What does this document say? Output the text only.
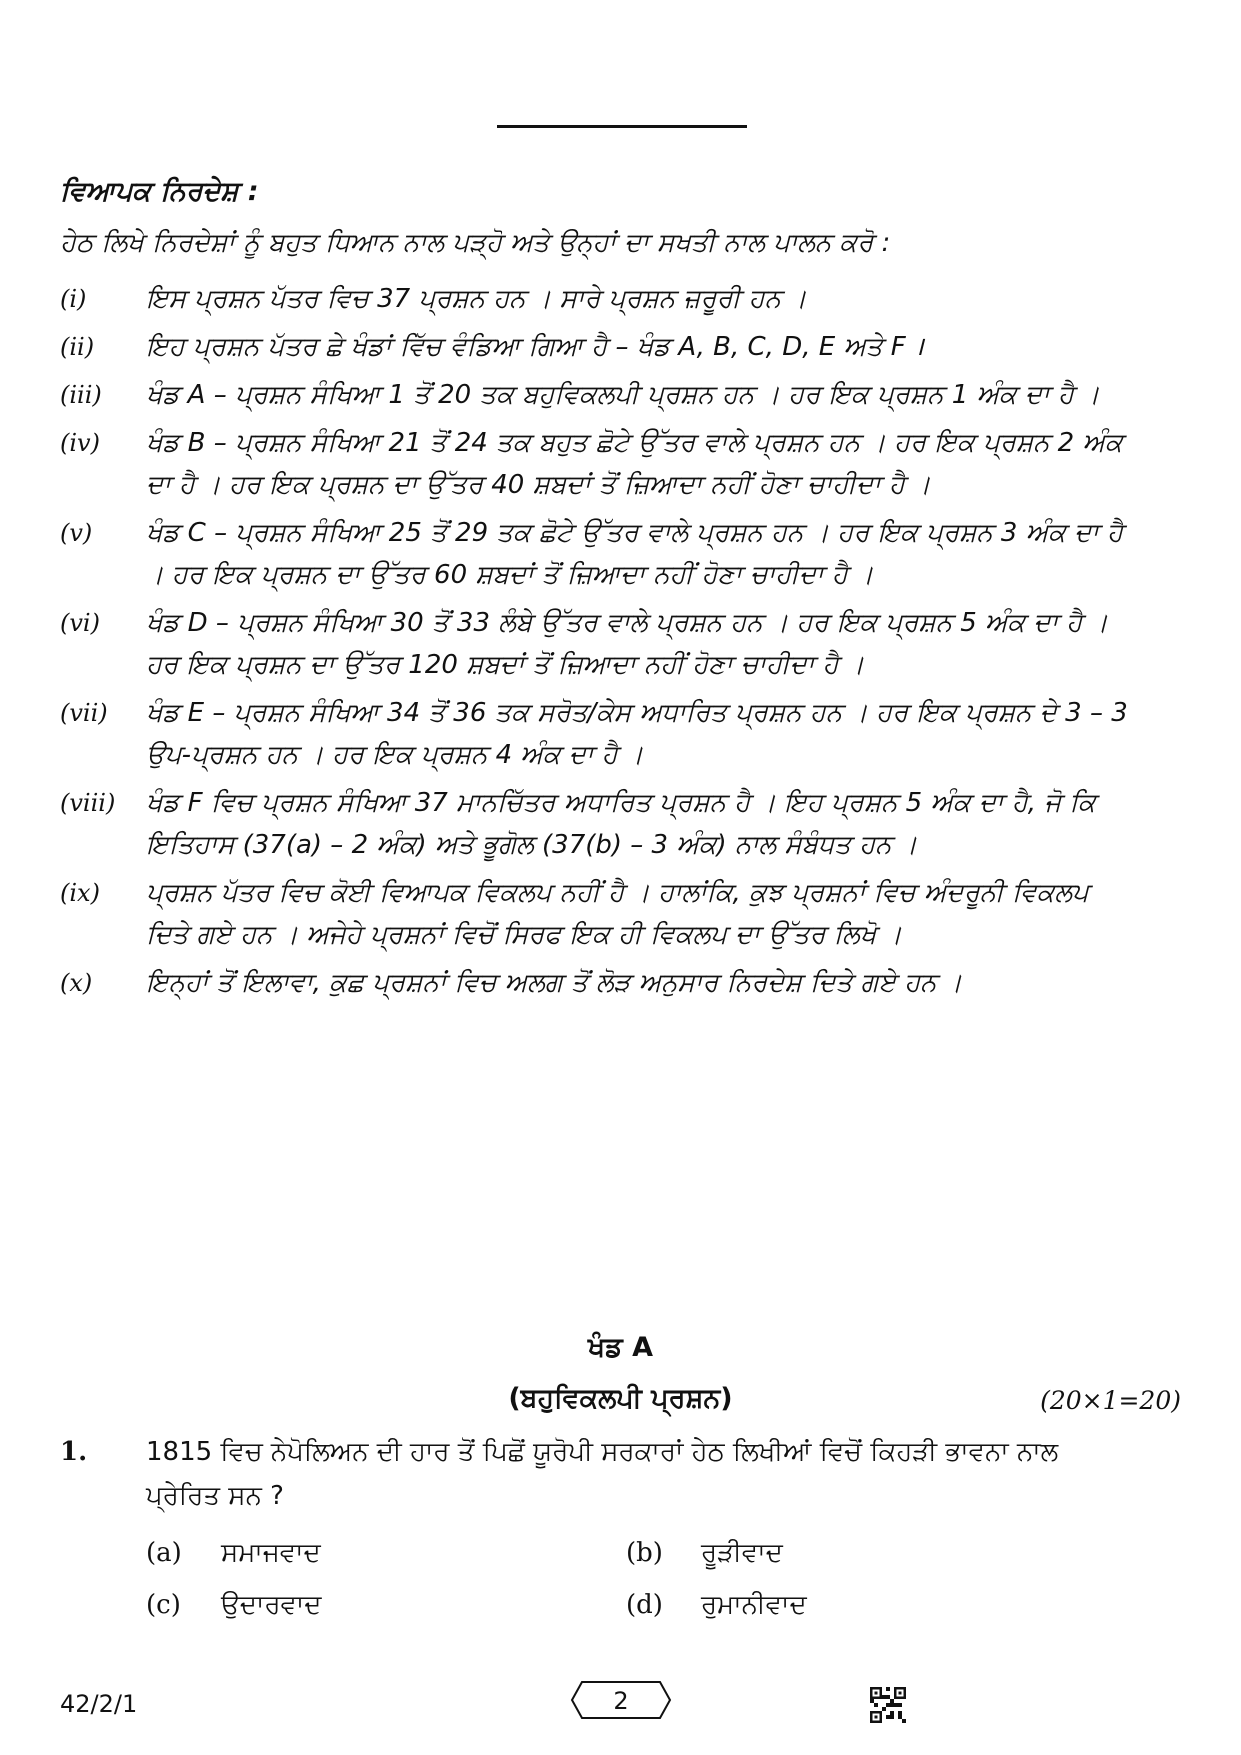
ਵਿਆਪਕ ਨਿਰਦੇਸ਼ :
ਹੇਠ ਲਿਖੇ ਨਿਰਦੇਸ਼ਾਂ ਨੂੰ ਬਹੁਤ ਧਿਆਨ ਨਾਲ ਪੜ੍ਹੋ ਅਤੇ ਉਨ੍ਹਾਂ ਦਾ ਸਖਤੀ ਨਾਲ ਪਾਲਨ ਕਰੋ :
(i)	ਇਸ ਪ੍ਰਸ਼ਨ ਪੱਤਰ ਵਿਚ 37 ਪ੍ਰਸ਼ਨ ਹਨ । ਸਾਰੇ ਪ੍ਰਸ਼ਨ ਜ਼ਰੂਰੀ ਹਨ ।
(ii)	ਇਹ ਪ੍ਰਸ਼ਨ ਪੱਤਰ ਛੇ ਖੰਡਾਂ ਵਿੱਚ ਵੰਡਿਆ ਗਿਆ ਹੈ – ਖੰਡ A, B, C, D, E ਅਤੇ F ।
(iii)	ਖੰਡ A – ਪ੍ਰਸ਼ਨ ਸੰਖਿਆ 1 ਤੋਂ 20 ਤਕ ਬਹੁਵਿਕਲਪੀ ਪ੍ਰਸ਼ਨ ਹਨ । ਹਰ ਇਕ ਪ੍ਰਸ਼ਨ 1 ਅੰਕ ਦਾ ਹੈ ।
(iv)	ਖੰਡ B – ਪ੍ਰਸ਼ਨ ਸੰਖਿਆ 21 ਤੋਂ 24 ਤਕ ਬਹੁਤ ਛੋਟੇ ਉੱਤਰ ਵਾਲੇ ਪ੍ਰਸ਼ਨ ਹਨ । ਹਰ ਇਕ ਪ੍ਰਸ਼ਨ 2 ਅੰਕ ਦਾ ਹੈ । ਹਰ ਇਕ ਪ੍ਰਸ਼ਨ ਦਾ ਉੱਤਰ 40 ਸ਼ਬਦਾਂ ਤੋਂ ਜ਼ਿਆਦਾ ਨਹੀਂ ਹੋਣਾ ਚਾਹੀਦਾ ਹੈ ।
(v)	ਖੰਡ C – ਪ੍ਰਸ਼ਨ ਸੰਖਿਆ 25 ਤੋਂ 29 ਤਕ ਛੋਟੇ ਉੱਤਰ ਵਾਲੇ ਪ੍ਰਸ਼ਨ ਹਨ । ਹਰ ਇਕ ਪ੍ਰਸ਼ਨ 3 ਅੰਕ ਦਾ ਹੈ । ਹਰ ਇਕ ਪ੍ਰਸ਼ਨ ਦਾ ਉੱਤਰ 60 ਸ਼ਬਦਾਂ ਤੋਂ ਜ਼ਿਆਦਾ ਨਹੀਂ ਹੋਣਾ ਚਾਹੀਦਾ ਹੈ ।
(vi)	ਖੰਡ D – ਪ੍ਰਸ਼ਨ ਸੰਖਿਆ 30 ਤੋਂ 33 ਲੰਬੇ ਉੱਤਰ ਵਾਲੇ ਪ੍ਰਸ਼ਨ ਹਨ । ਹਰ ਇਕ ਪ੍ਰਸ਼ਨ 5 ਅੰਕ ਦਾ ਹੈ । ਹਰ ਇਕ ਪ੍ਰਸ਼ਨ ਦਾ ਉੱਤਰ 120 ਸ਼ਬਦਾਂ ਤੋਂ ਜ਼ਿਆਦਾ ਨਹੀਂ ਹੋਣਾ ਚਾਹੀਦਾ ਹੈ ।
(vii)	ਖੰਡ E – ਪ੍ਰਸ਼ਨ ਸੰਖਿਆ 34 ਤੋਂ 36 ਤਕ ਸਰੋਤ/ਕੇਸ ਅਧਾਰਿਤ ਪ੍ਰਸ਼ਨ ਹਨ । ਹਰ ਇਕ ਪ੍ਰਸ਼ਨ ਦੇ 3 – 3 ਉਪ-ਪ੍ਰਸ਼ਨ ਹਨ । ਹਰ ਇਕ ਪ੍ਰਸ਼ਨ 4 ਅੰਕ ਦਾ ਹੈ ।
(viii)	ਖੰਡ F ਵਿਚ ਪ੍ਰਸ਼ਨ ਸੰਖਿਆ 37 ਮਾਨਚਿੱਤਰ ਅਧਾਰਿਤ ਪ੍ਰਸ਼ਨ ਹੈ । ਇਹ ਪ੍ਰਸ਼ਨ 5 ਅੰਕ ਦਾ ਹੈ, ਜੋ ਕਿ ਇਤਿਹਾਸ (37(a) – 2 ਅੰਕ) ਅਤੇ ਭੂਗੋਲ (37(b) – 3 ਅੰਕ) ਨਾਲ ਸੰਬੰਧਤ ਹਨ ।
(ix)	ਪ੍ਰਸ਼ਨ ਪੱਤਰ ਵਿਚ ਕੋਈ ਵਿਆਪਕ ਵਿਕਲਪ ਨਹੀਂ ਹੈ । ਹਾਲਾਂਕਿ, ਕੁਝ ਪ੍ਰਸ਼ਨਾਂ ਵਿਚ ਅੰਦਰੂਨੀ ਵਿਕਲਪ ਦਿਤੇ ਗਏ ਹਨ । ਅਜੇਹੇ ਪ੍ਰਸ਼ਨਾਂ ਵਿਚੋਂ ਸਿਰਫ ਇਕ ਹੀ ਵਿਕਲਪ ਦਾ ਉੱਤਰ ਲਿਖੋ ।
(x)	ਇਨ੍ਹਾਂ ਤੋਂ ਇਲਾਵਾ, ਕੁਛ ਪ੍ਰਸ਼ਨਾਂ ਵਿਚ ਅਲਗ ਤੋਂ ਲੋੜ ਅਨੁਸਾਰ ਨਿਰਦੇਸ਼ ਦਿਤੇ ਗਏ ਹਨ ।
ਖੰਡ A
(ਬਹੁਵਿਕਲਪੀ ਪ੍ਰਸ਼ਨ)	(20×1=20)
1.	1815 ਵਿਚ ਨੇਪੋਲਿਅਨ ਦੀ ਹਾਰ ਤੋਂ ਪਿਛੋਂ ਯੂਰੋਪੀ ਸਰਕਾਰਾਂ ਹੇਠ ਲਿਖੀਆਂ ਵਿਚੋਂ ਕਿਹੜੀ ਭਾਵਨਾ ਨਾਲ ਪ੍ਰੇਰਿਤ ਸਨ ?
(a)	ਸਮਾਜਵਾਦ	(b)	ਰੂੜੀਵਾਦ
(c)	ਉਦਾਰਵਾਦ	(d)	ਰੁਮਾਨੀਵਾਦ
42/2/1	2
